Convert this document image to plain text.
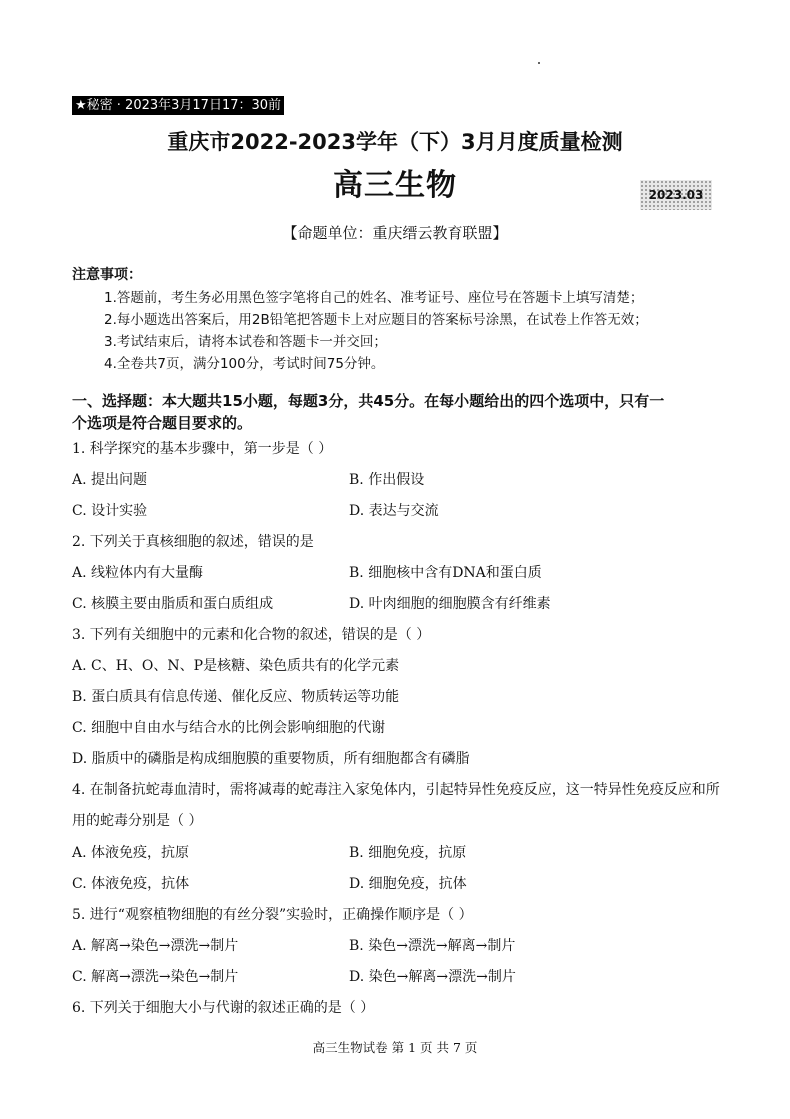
★秘密 · 2023年3月17日17：30前
重庆市2022-2023学年（下）3月月度质量检测
高三生物	2023.03
【命题单位：重庆缙云教育联盟】
注意事项：
1.答题前，考生务必用黑色签字笔将自己的姓名、准考证号、座位号在答题卡上填写清楚；
2.每小题选出答案后，用2B铅笔把答题卡上对应题目的答案标号涂黑，在试卷上作答无效；
3.考试结束后，请将本试卷和答题卡一并交回；
4.全卷共7页，满分100分，考试时间75分钟。
一、选择题：本大题共15小题，每题3分，共45分。在每小题给出的四个选项中，只有一
个选项是符合题目要求的。
1. 科学探究的基本步骤中，第一步是（ ）
A. 提出问题	B. 作出假设
C. 设计实验	D. 表达与交流
2. 下列关于真核细胞的叙述，错误的是
A. 线粒体内有大量酶	B. 细胞核中含有DNA和蛋白质
C. 核膜主要由脂质和蛋白质组成	D. 叶肉细胞的细胞膜含有纤维素
3. 下列有关细胞中的元素和化合物的叙述，错误的是（ ）
A. C、H、O、N、P是核糖、染色质共有的化学元素
B. 蛋白质具有信息传递、催化反应、物质转运等功能
C. 细胞中自由水与结合水的比例会影响细胞的代谢
D. 脂质中的磷脂是构成细胞膜的重要物质，所有细胞都含有磷脂
4. 在制备抗蛇毒血清时，需将减毒的蛇毒注入家兔体内，引起特异性免疫反应，这一特异性免疫反应和所
用的蛇毒分别是（ ）
A. 体液免疫，抗原	B. 细胞免疫，抗原
C. 体液免疫，抗体	D. 细胞免疫，抗体
5. 进行“观察植物细胞的有丝分裂”实验时，正确操作顺序是（ ）
A. 解离→染色→漂洗→制片	B. 染色→漂洗→解离→制片
C. 解离→漂洗→染色→制片	D. 染色→解离→漂洗→制片
6. 下列关于细胞大小与代谢的叙述正确的是（ ）
高三生物试卷 第 1 页 共 7 页
